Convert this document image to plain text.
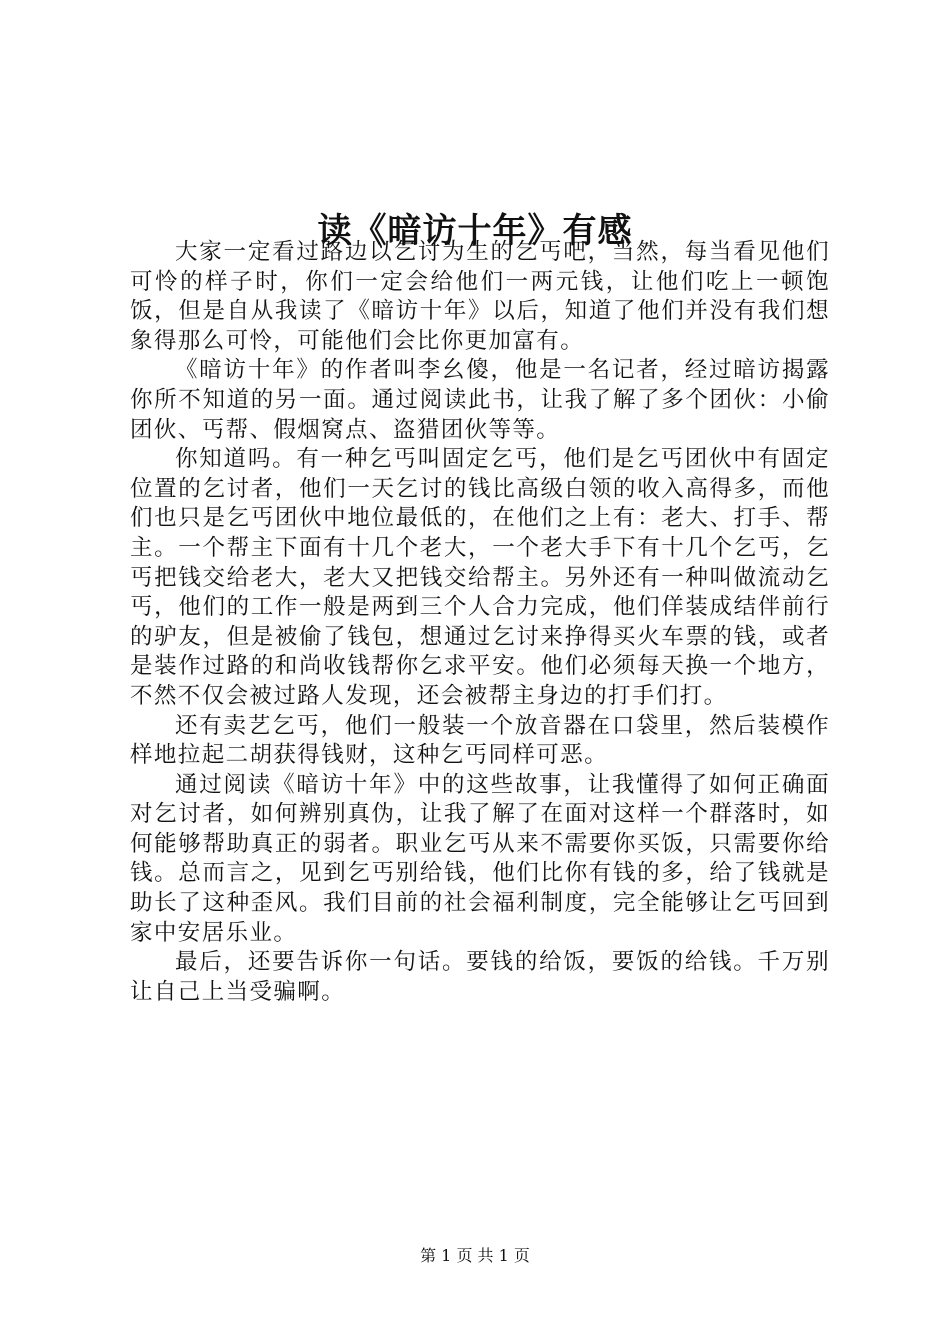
读《暗访十年》有感

大家一定看过路边以乞讨为生的乞丐吧，当然，每当看见他们可怜的样子时，你们一定会给他们一两元钱，让他们吃上一顿饱饭，但是自从我读了《暗访十年》以后，知道了他们并没有我们想象得那么可怜，可能他们会比你更加富有。

《暗访十年》的作者叫李幺傻，他是一名记者，经过暗访揭露你所不知道的另一面。通过阅读此书，让我了解了多个团伙：小偷团伙、丐帮、假烟窝点、盗猎团伙等等。

你知道吗。有一种乞丐叫固定乞丐，他们是乞丐团伙中有固定位置的乞讨者，他们一天乞讨的钱比高级白领的收入高得多，而他们也只是乞丐团伙中地位最低的，在他们之上有：老大、打手、帮主。一个帮主下面有十几个老大，一个老大手下有十几个乞丐，乞丐把钱交给老大，老大又把钱交给帮主。另外还有一种叫做流动乞丐，他们的工作一般是两到三个人合力完成，他们佯装成结伴前行的驴友，但是被偷了钱包，想通过乞讨来挣得买火车票的钱，或者是装作过路的和尚收钱帮你乞求平安。他们必须每天换一个地方，不然不仅会被过路人发现，还会被帮主身边的打手们打。

还有卖艺乞丐，他们一般装一个放音器在口袋里，然后装模作样地拉起二胡获得钱财，这种乞丐同样可恶。

通过阅读《暗访十年》中的这些故事，让我懂得了如何正确面对乞讨者，如何辨别真伪，让我了解了在面对这样一个群落时，如何能够帮助真正的弱者。职业乞丐从来不需要你买饭，只需要你给钱。总而言之，见到乞丐别给钱，他们比你有钱的多，给了钱就是助长了这种歪风。我们目前的社会福利制度，完全能够让乞丐回到家中安居乐业。

最后，还要告诉你一句话。要钱的给饭，要饭的给钱。千万别让自己上当受骗啊。

第 1 页 共 1 页
